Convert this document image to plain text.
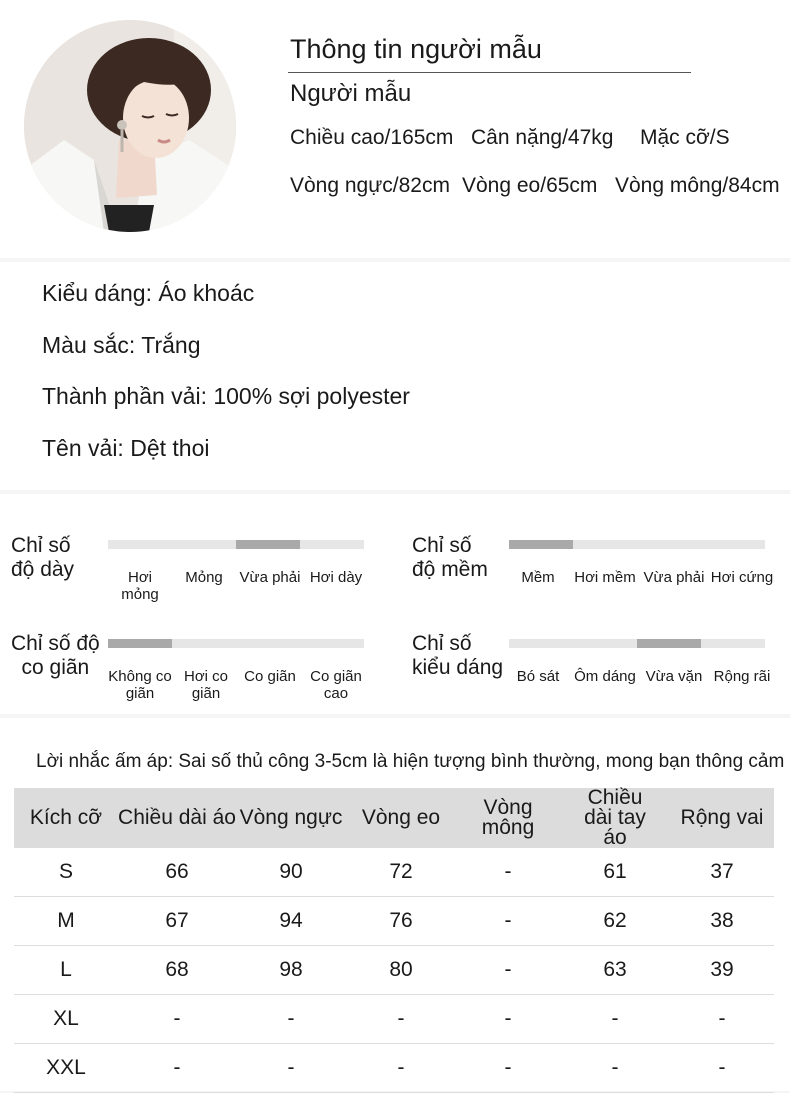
Thông tin người mẫu
Người mẫu
Chiều cao/165cm Cân nặng/47kg Mặc cỡ/S
Vòng ngực/82cm Vòng eo/65cm Vòng mông/84cm
Kiểu dáng: Áo khoác
Màu sắc: Trắng
Thành phần vải: 100% sợi polyester
Tên vải: Dệt thoi
Chỉ số
độ dày	Hơi mỏng
Mỏng	Vừa phải Hơi dày
Chỉ số
độ mềm	Mềm	Hơi mềm Vừa phải Hơi cứng
Chỉ số độ
co giãn	Không co giãn
Hơi co giãn
Co giãn Co giãn cao
Chỉ số
kiểu dáng Bó sát Ôm dáng Vừa vặn Rộng rãi
Lời nhắc ấm áp: Sai số thủ công 3-5cm là hiện tượng bình thường, mong bạn thông cảm
Kích cỡ	Chiều dài áo	Vòng ngực	Vòng eo	Vòng mông	Chiều dài tay áo	Rộng vai
S	66	90	72	-	61	37
M	67	94	76	-	62	38
L	68	98	80	-	63	39
XL	-	-	-	-	-	-
XXL	-	-	-	-	-	-
